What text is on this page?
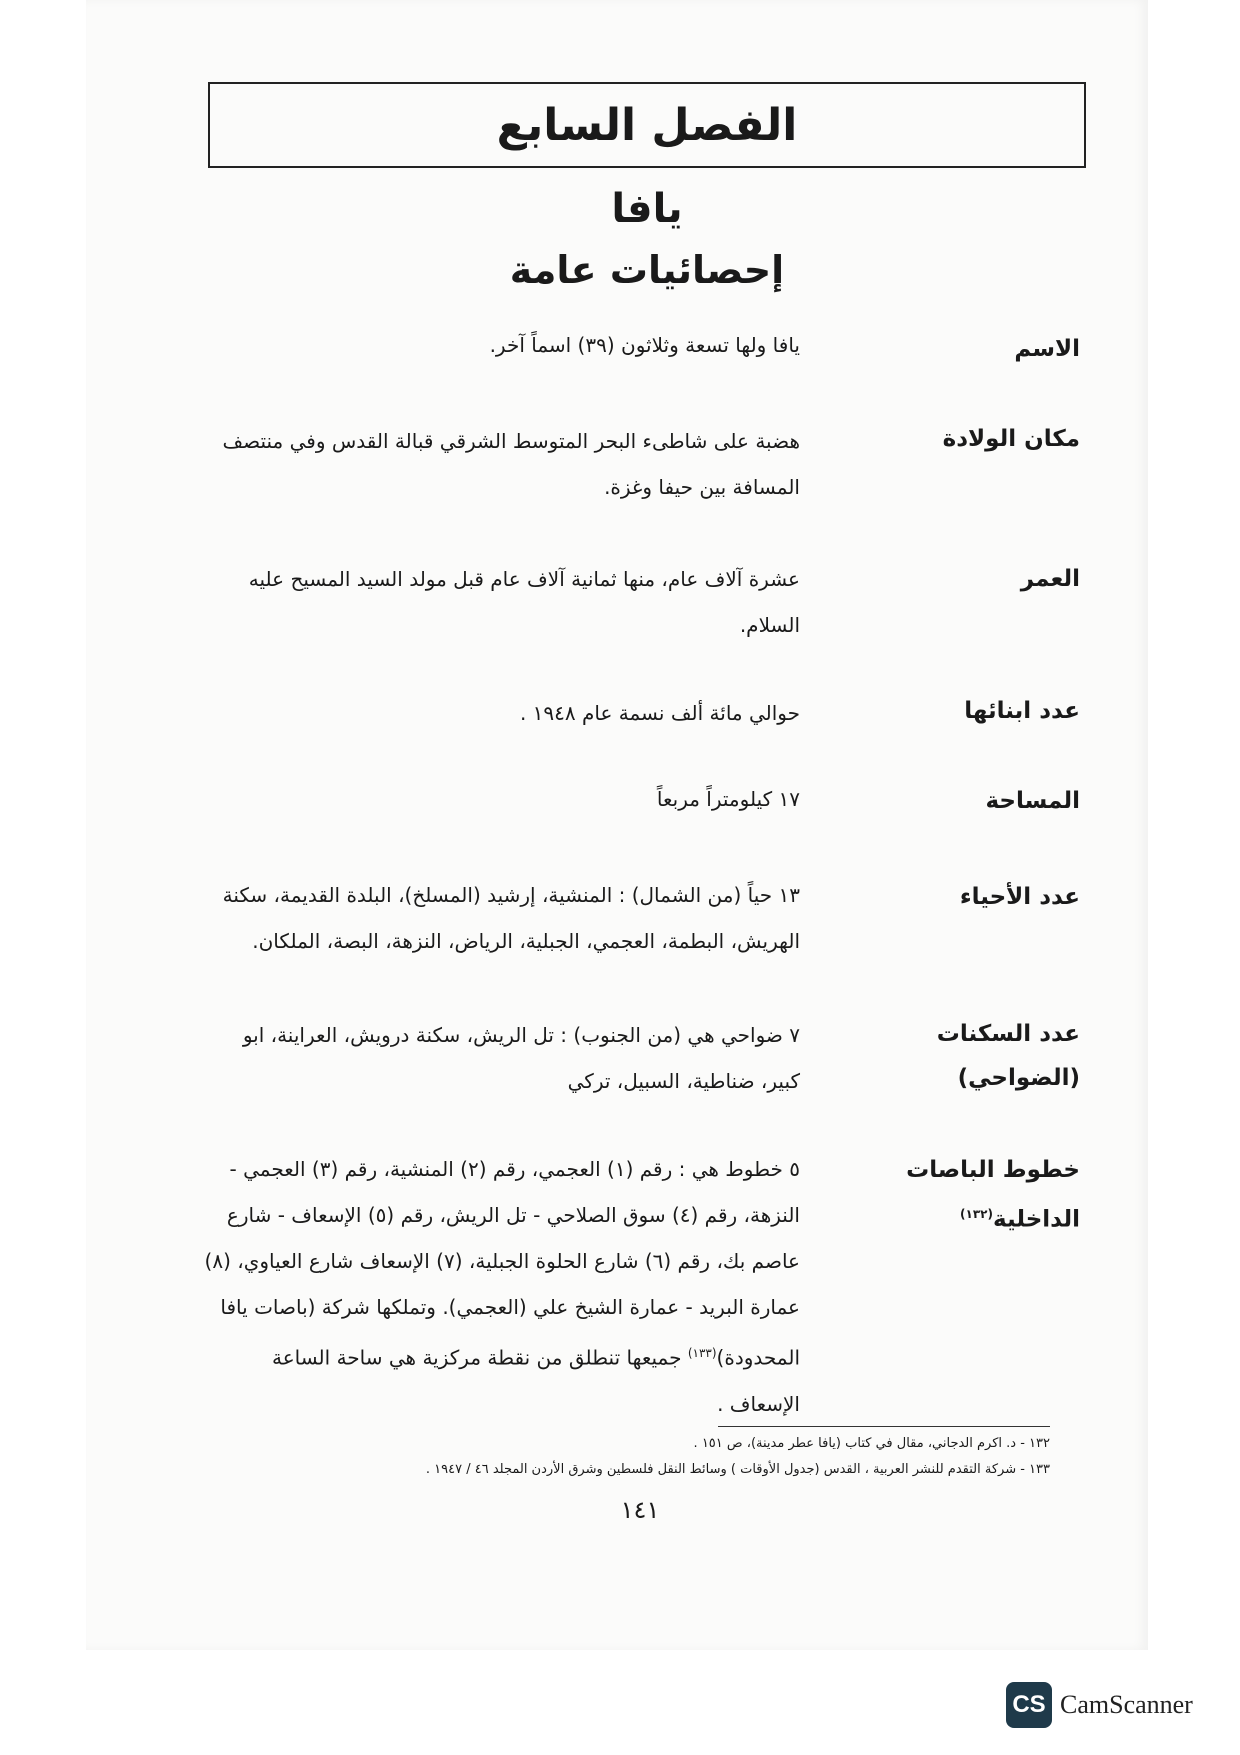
الفصل السابع
يافا
إحصائيات عامة
الاسم
يافا ولها تسعة وثلاثون (٣٩) اسماً آخر.
مكان الولادة
هضبة على شاطىء البحر المتوسط الشرقي قبالة القدس وفي منتصف المسافة بين حيفا وغزة.
العمر
عشرة آلاف عام، منها ثمانية آلاف عام قبل مولد السيد المسيح عليه السلام.
عدد ابنائها
حوالي مائة ألف نسمة عام ١٩٤٨ .
المساحة
١٧ كيلومتراً مربعاً
عدد الأحياء
١٣ حياً (من الشمال) : المنشية، إرشيد (المسلخ)، البلدة القديمة، سكنة الهريش، البطمة، العجمي، الجبلية، الرياض، النزهة، البصة، الملكان.
عدد السكنات (الضواحي)
٧ ضواحي هي (من الجنوب) : تل الريش، سكنة درويش، العراينة، ابو كبير، ضناطية، السبيل، تركي
خطوط الباصات الداخلية$^{(١٣٢)}$
٥ خطوط هي : رقم (١) العجمي، رقم (٢) المنشية، رقم (٣) العجمي - النزهة، رقم (٤) سوق الصلاحي - تل الريش، رقم (٥) الإسعاف - شارع عاصم بك، رقم (٦) شارع الحلوة الجبلية، (٧) الإسعاف شارع العياوي، (٨) عمارة البريد - عمارة الشيخ علي (العجمي). وتملكها شركة (باصات يافا المحدودة)$^{(١٣٣)}$ جميعها تنطلق من نقطة مركزية هي ساحة الساعة الإسعاف .
١٣٢ - د. اكرم الدجاني، مقال في كتاب (يافا عطر مدينة)، ص ١٥١ .
١٣٣ - شركة التقدم للنشر العربية ، القدس (جدول الأوقات ) وسائط النقل فلسطين وشرق الأردن المجلد ٤٦ / ١٩٤٧ .
١٤١
CS CamScanner
